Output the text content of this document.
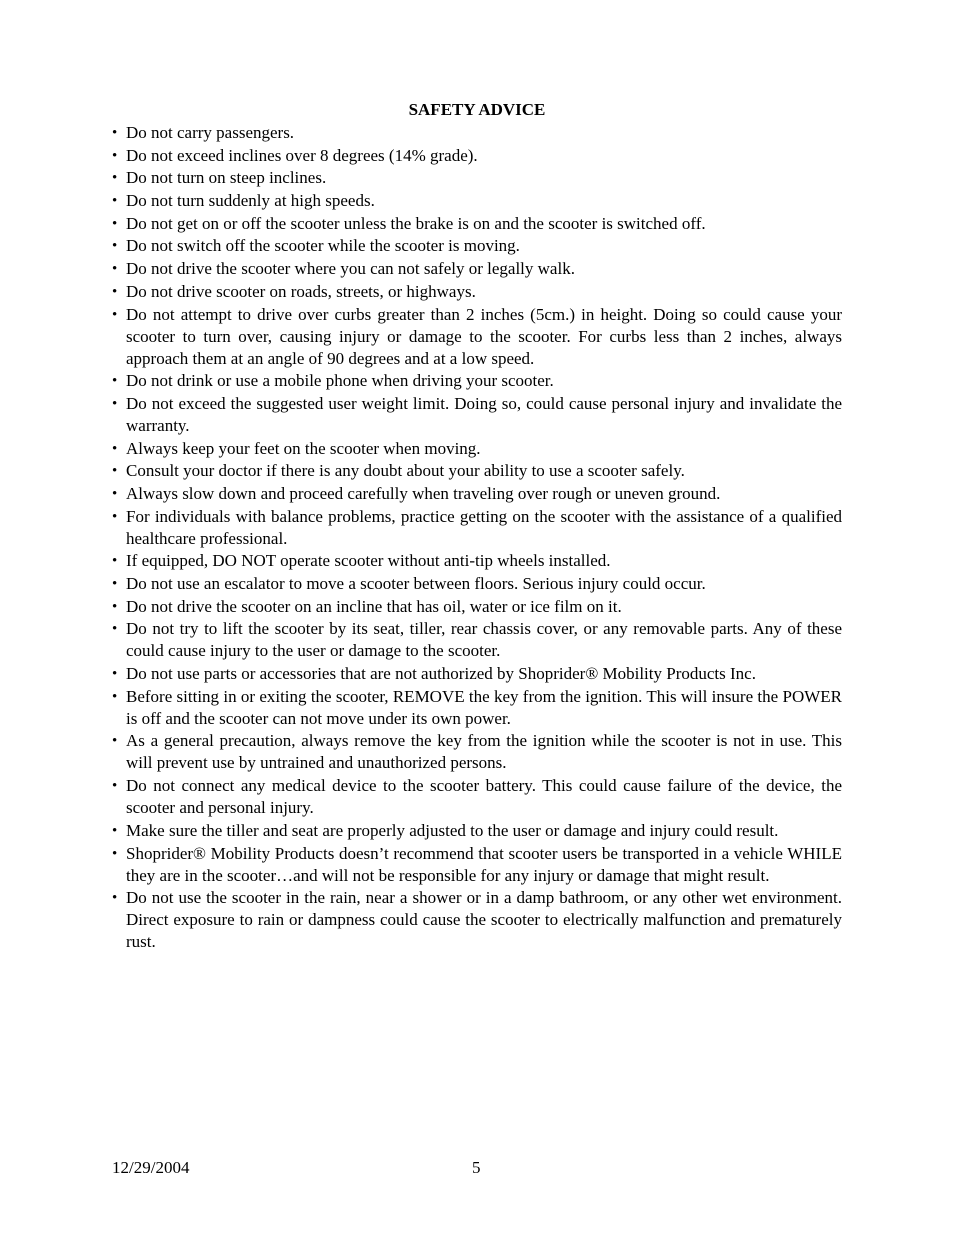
SAFETY ADVICE
• Do not carry passengers.
• Do not exceed inclines over 8 degrees (14% grade).
• Do not turn on steep inclines.
• Do not turn suddenly at high speeds.
• Do not get on or off the scooter unless the brake is on and the scooter is switched off.
• Do not switch off the scooter while the scooter is moving.
• Do not drive the scooter where you can not safely or legally walk.
• Do not drive scooter on roads, streets, or highways.
• Do not attempt to drive over curbs greater than 2 inches (5cm.) in height. Doing so could cause your scooter to turn over, causing injury or damage to the scooter. For curbs less than 2 inches, always approach them at an angle of 90 degrees and at a low speed.
• Do not drink or use a mobile phone when driving your scooter.
• Do not exceed the suggested user weight limit. Doing so, could cause personal injury and invalidate the warranty.
• Always keep your feet on the scooter when moving.
• Consult your doctor if there is any doubt about your ability to use a scooter safely.
• Always slow down and proceed carefully when traveling over rough or uneven ground.
• For individuals with balance problems, practice getting on the scooter with the assistance of a qualified healthcare professional.
• If equipped, DO NOT operate scooter without anti-tip wheels installed.
• Do not use an escalator to move a scooter between floors. Serious injury could occur.
• Do not drive the scooter on an incline that has oil, water or ice film on it.
• Do not try to lift the scooter by its seat, tiller, rear chassis cover, or any removable parts. Any of these could cause injury to the user or damage to the scooter.
• Do not use parts or accessories that are not authorized by Shoprider® Mobility Products Inc.
• Before sitting in or exiting the scooter, REMOVE the key from the ignition. This will insure the POWER is off and the scooter can not move under its own power.
• As a general precaution, always remove the key from the ignition while the scooter is not in use. This will prevent use by untrained and unauthorized persons.
• Do not connect any medical device to the scooter battery. This could cause failure of the device, the scooter and personal injury.
• Make sure the tiller and seat are properly adjusted to the user or damage and injury could result.
• Shoprider® Mobility Products doesn’t recommend that scooter users be transported in a vehicle WHILE they are in the scooter…and will not be responsible for any injury or damage that might result.
• Do not use the scooter in the rain, near a shower or in a damp bathroom, or any other wet environment. Direct exposure to rain or dampness could cause the scooter to electrically malfunction and prematurely rust.
12/29/2004	5
